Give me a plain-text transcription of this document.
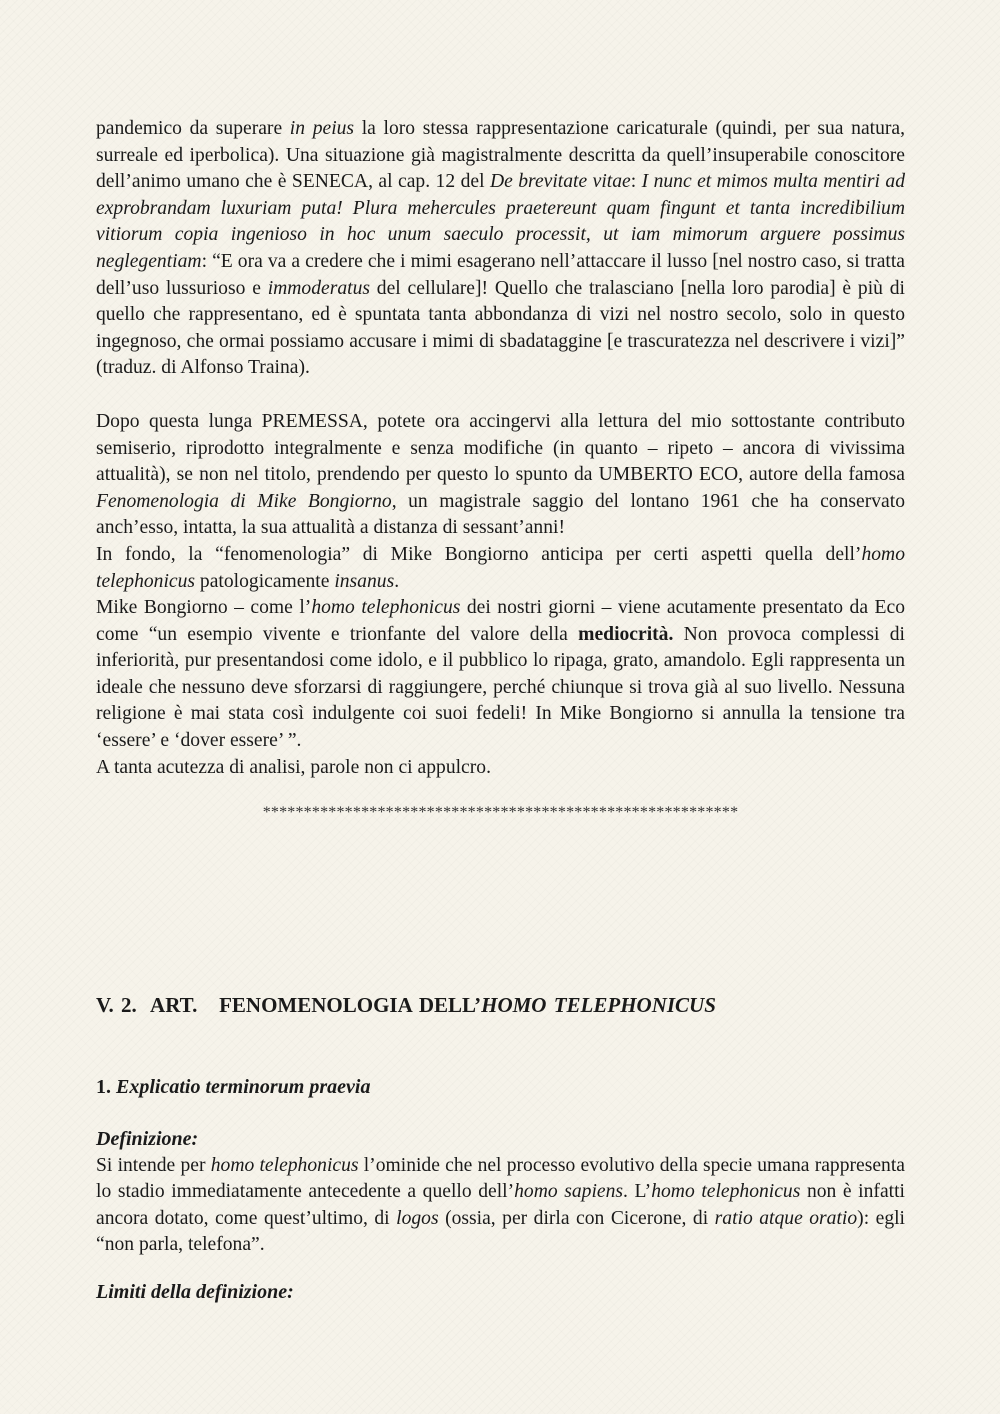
pandemico da superare in peius la loro stessa rappresentazione caricaturale (quindi, per sua natura, surreale ed iperbolica). Una situazione già magistralmente descritta da quell’insuperabile conoscitore dell’animo umano che è SENECA, al cap. 12 del De brevitate vitae: I nunc et mimos multa mentiri ad exprobrandam luxuriam puta! Plura mehercules praetereunt quam fingunt et tanta incredibilium vitiorum copia ingenioso in hoc unum saeculo processit, ut iam mimorum arguere possimus neglegentiam: “E ora va a credere che i mimi esagerano nell’attaccare il lusso [nel nostro caso, si tratta dell’uso lussurioso e immoderatus del cellulare]! Quello che tralasciano [nella loro parodia] è più di quello che rappresentano, ed è spuntata tanta abbondanza di vizi nel nostro secolo, solo in questo ingegnoso, che ormai possiamo accusare i mimi di sbadataggine [e trascuratezza nel descrivere i vizi]” (traduz. di Alfonso Traina).

Dopo questa lunga PREMESSA, potete ora accingervi alla lettura del mio sottostante contributo semiserio, riprodotto integralmente e senza modifiche (in quanto – ripeto – ancora di vivissima attualità), se non nel titolo, prendendo per questo lo spunto da UMBERTO ECO, autore della famosa Fenomenologia di Mike Bongiorno, un magistrale saggio del lontano 1961 che ha conservato anch’esso, intatta, la sua attualità a distanza di sessant’anni!

In fondo, la “fenomenologia” di Mike Bongiorno anticipa per certi aspetti quella dell’homo telephonicus patologicamente insanus.

Mike Bongiorno – come l’homo telephonicus dei nostri giorni – viene acutamente presentato da Eco come “un esempio vivente e trionfante del valore della mediocrità. Non provoca complessi di inferiorità, pur presentandosi come idolo, e il pubblico lo ripaga, grato, amandolo. Egli rappresenta un ideale che nessuno deve sforzarsi di raggiungere, perché chiunque si trova già al suo livello. Nessuna religione è mai stata così indulgente coi suoi fedeli! In Mike Bongiorno si annulla la tensione tra ‘essere’ e ‘dover essere’ ”.

A tanta acutezza di analisi, parole non ci appulcro.

**********************************************************
V. 2.  ART.   FENOMENOLOGIA DELL’HOMO TELEPHONICUS
1. Explicatio terminorum praevia

Definizione:

Si intende per homo telephonicus l’ominide che nel processo evolutivo della specie umana rappresenta lo stadio immediatamente antecedente a quello dell’homo sapiens. L’homo telephonicus non è infatti ancora dotato, come quest’ultimo, di logos (ossia, per dirla con Cicerone, di ratio atque oratio): egli “non parla, telefona”.

Limiti della definizione:
